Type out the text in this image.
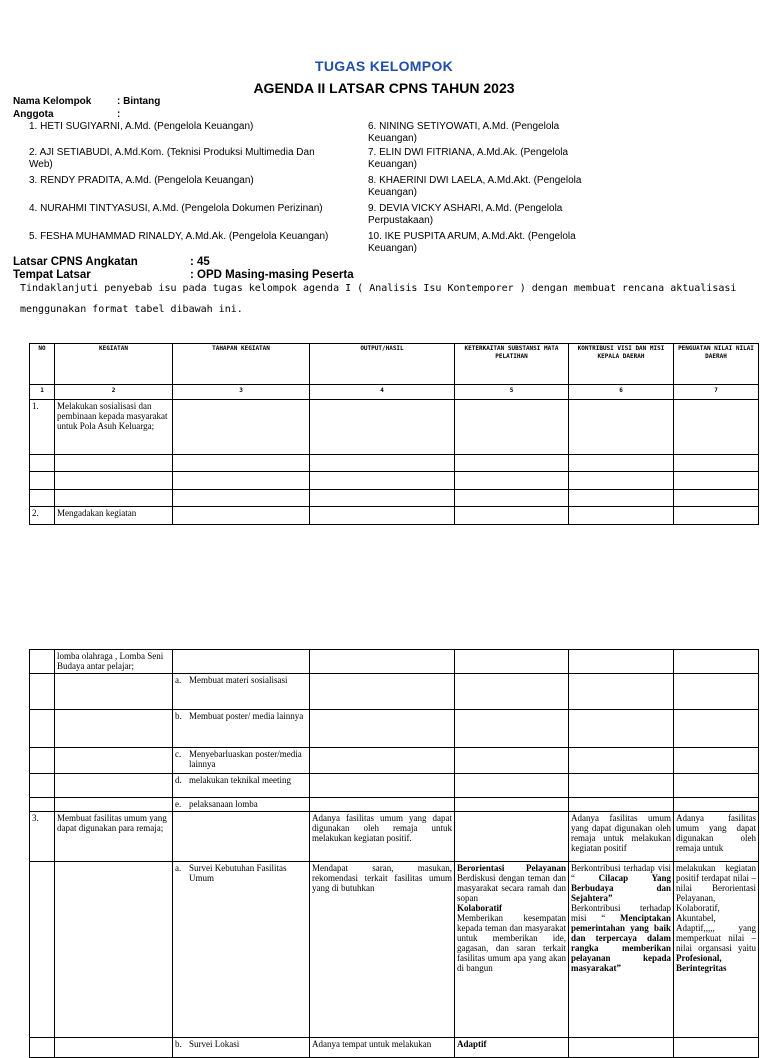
TUGAS KELOMPOK
AGENDA II LATSAR CPNS TAHUN 2023
Nama Kelompok	: Bintang
Anggota	:
1. HETI SUGIYARNI, A.Md. (Pengelola Keuangan)
2. AJI SETIABUDI, A.Md.Kom. (Teknisi Produksi Multimedia Dan Web)
3. RENDY PRADITA, A.Md. (Pengelola Keuangan)
4. NURAHMI TINTYASUSI, A.Md. (Pengelola Dokumen Perizinan)
5. FESHA MUHAMMAD RINALDY, A.Md.Ak. (Pengelola Keuangan)
6. NINING SETIYOWATI, A.Md. (Pengelola Keuangan)
7. ELIN DWI FITRIANA, A.Md.Ak. (Pengelola Keuangan)
8. KHAERINI DWI LAELA, A.Md.Akt. (Pengelola Keuangan)
9. DEVIA VICKY ASHARI, A.Md. (Pengelola Perpustakaan)
10. IKE PUSPITA ARUM, A.Md.Akt. (Pengelola Keuangan)
Latsar CPNS Angkatan	: 45
Tempat Latsar	: OPD Masing-masing Peserta
Tindaklanjuti penyebab isu pada tugas kelompok agenda I ( Analisis Isu Kontemporer ) dengan membuat rencana aktualisasi
menggunakan format tabel dibawah ini.
NO	KEGIATAN	TAHAPAN KEGIATAN	OUTPUT/HASIL	KETERKAITAN SUBSTANSI MATA PELATIHAN	KONTRIBUSI VISI DAN MISI KEPALA DAERAH	PENGUATAN NILAI NILAI DAERAH
1	2	3	4	5	6	7
1.	Melakukan sosialisasi dan pembinaan kepada masyarakat untuk Pola Asuh Keluarga;					

2.	Mengadakan kegiatan					
	lomba olahraga , Lomba Seni Budaya antar pelajar;					

		a. Membuat materi sosialisasi				

		b. Membuat poster/ media lainnya				

		c. Menyebarluaskan poster/media lainnya				

		d. melakukan teknikal meeting				

		e. pelaksanaan lomba				

3.	Membuat fasilitas umum yang dapat digunakan para remaja;		Adanya fasilitas umum yang dapat digunakan oleh remaja untuk melakukan kegiatan positif.		Adanya fasilitas umum yang dapat digunakan oleh remaja untuk melakukan kegiatan positif	Adanya fasilitas umum yang dapat digunakan oleh remaja untuk

		a. Survei Kebutuhan Fasilitas Umum	Mendapat saran, masukan, rekomendasi terkait fasilitas umum yang di butuhkan	Berorientasi Pelayanan Berdiskusi dengan teman dan masyarakat secara ramah dan sopan
Kolaboratif
Memberikan kesempatan kepada teman dan masyarakat untuk memberikan ide, gagasan, dan saran terkait fasilitas umum apa yang akan di bangun	Berkontribusi terhadap visi “ Cilacap Yang Berbudaya dan Sejahtera”
Berkontribusi terhadap misi “ Menciptakan pemerintahan yang baik dan terpercaya dalam rangka memberikan pelayanan kepada masyarakat”	melakukan kegiatan positif terdapat nilai – nilai Berorientasi Pelayanan, Kolaboratif, Akuntabel, Adaptif,,,,, yang memperkuat nilai – nilai organsasi yaitu Profesional, Berintegritas

		b. Survei Lokasi	Adanya tempat untuk melakukan	Adaptif		
